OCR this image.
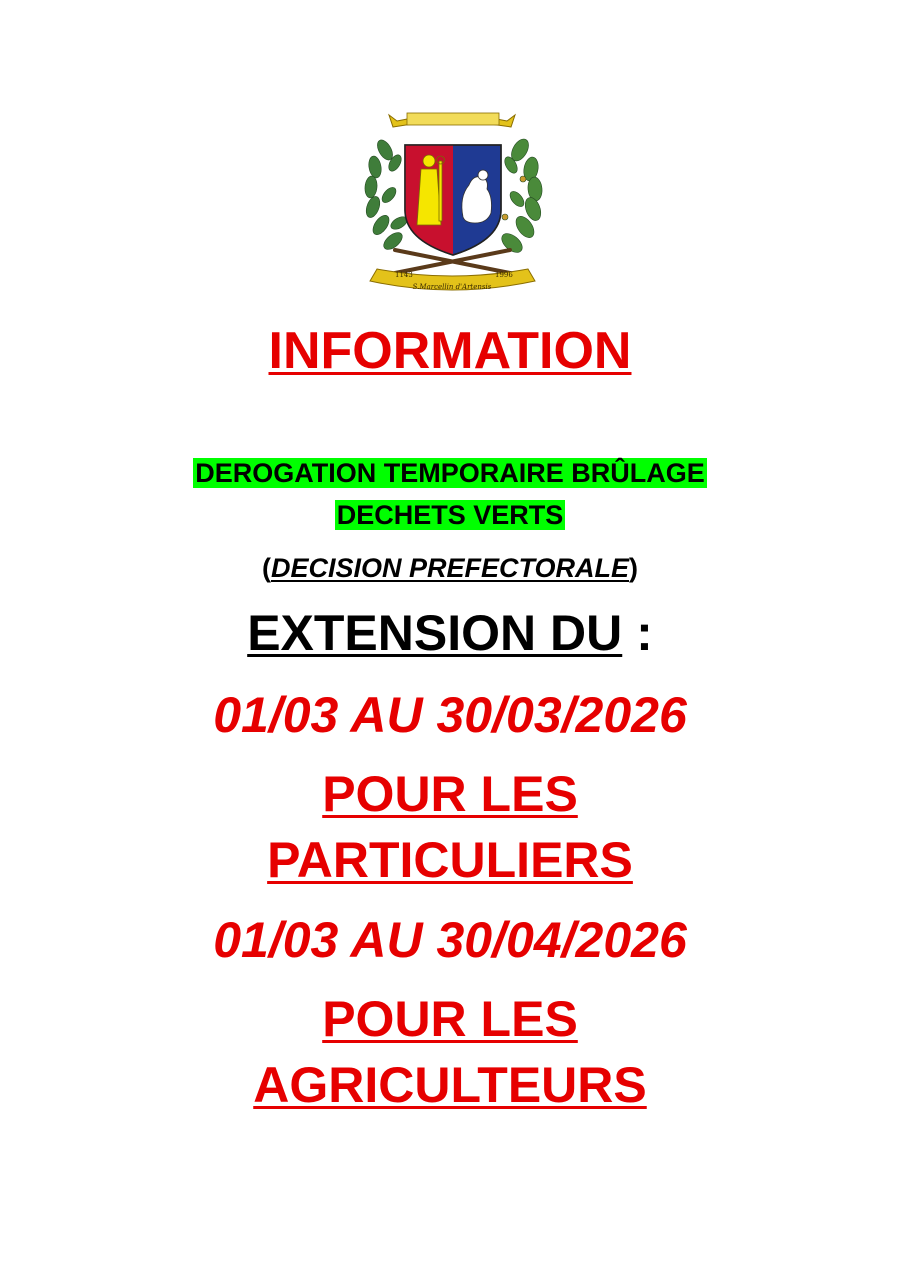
S.Marcellin d'Artensis
1143	1996
INFORMATION
DEROGATION TEMPORAIRE BRÛLAGE
DECHETS VERTS
(DECISION PREFECTORALE)
EXTENSION DU :
01/03 AU 30/03/2026
POUR LES
PARTICULIERS
01/03 AU 30/04/2026
POUR LES
AGRICULTEURS
